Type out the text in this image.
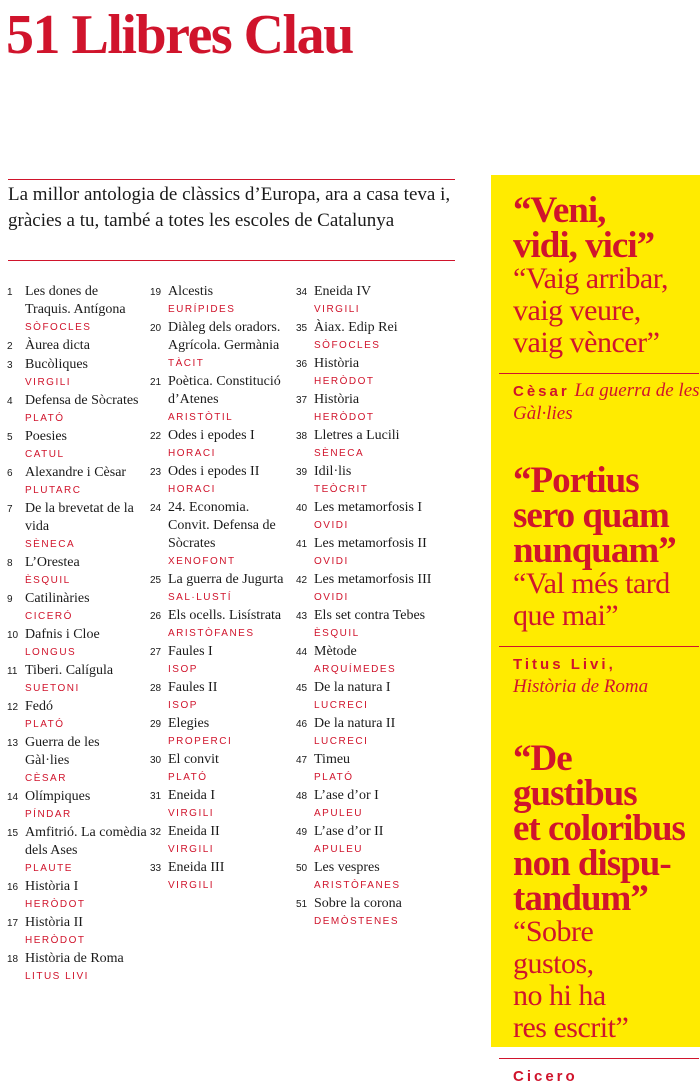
51 Llibres Clau

La millor antologia de clàssics d’Europa, ara a casa teva i, gràcies a tu, també a totes les escoles de Catalunya

1 Les dones de Traquis. Antígona
SÒFOCLES
2 Àurea dicta
3 Bucòliques
VIRGILI
4 Defensa de Sòcrates
PLATÓ
5 Poesies
CATUL
6 Alexandre i Cèsar
PLUTARC
7 De la brevetat de la vida
SÈNECA
8 L’Orestea
ÈSQUIL
9 Catilinàries
CICERÓ
10 Dafnis i Cloe
LONGUS
11 Tiberi. Calígula
SUETONI
12 Fedó
PLATÓ
13 Guerra de les Gàl·lies
CÈSAR
14 Olímpiques
PÍNDAR
15 Amfitrió. La comèdia dels Ases
PLAUTE
16 Història I
HERÒDOT
17 Història II
HERÒDOT
18 Història de Roma
LITUS LIVI
19 Alcestis
EURÍPIDES
20 Diàleg dels oradors. Agrícola. Germània
TÀCIT
21 Poètica. Constitució d’Atenes
ARISTÒTIL
22 Odes i epodes I
HORACI
23 Odes i epodes II
HORACI
24 24. Economia. Convit. Defensa de Sòcrates
XENOFONT
25 La guerra de Jugurta
SAL·LUSTÍ
26 Els ocells. Lisístrata
ARISTÒFANES
27 Faules I
ISOP
28 Faules II
ISOP
29 Elegies
PROPERCI
30 El convit
PLATÓ
31 Eneida I
VIRGILI
32 Eneida II
VIRGILI
33 Eneida III
VIRGILI
34 Eneida IV
VIRGILI
35 Àiax. Edip Rei
SÒFOCLES
36 Història
HERÒDOT
37 Història
HERÒDOT
38 Lletres a Lucili
SÈNECA
39 Idil·lis
TEÒCRIT
40 Les metamorfosis I
OVIDI
41 Les metamorfosis II
OVIDI
42 Les metamorfosis III
OVIDI
43 Els set contra Tebes
ÈSQUIL
44 Mètode
ARQUÍMEDES
45 De la natura I
LUCRECI
46 De la natura II
LUCRECI
47 Timeu
PLATÓ
48 L’ase d’or I
APULEU
49 L’ase d’or II
APULEU
50 Les vespres
ARISTÒFANES
51 Sobre la corona
DEMÒSTENES
“Veni,
vidi, vici”
“Vaig arribar,
vaig veure,
vaig vèncer”
Cèsar La guerra de les Gàl·lies
“Portius
sero quam
nunquam”
“Val més tard
que mai”
Titus Livi,
Història de Roma
“De gustibus
et coloribus
non dispu-
tandum”
“Sobre
gustos,
no hi ha
res escrit”
Cicero
